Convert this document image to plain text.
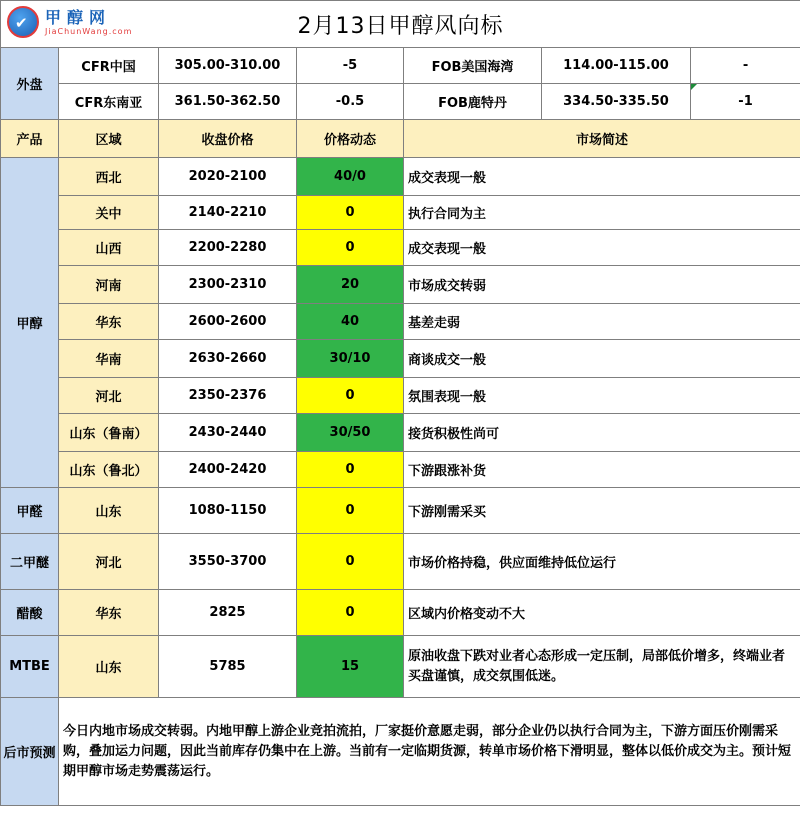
✔ 甲醇网
JiaChunWang.com 2月13日甲醇风向标						
外盘	CFR中国	305.00-310.00	-5	FOB美国海湾	114.00-115.00	-
	CFR东南亚	361.50-362.50	-0.5	FOB鹿特丹	334.50-335.50	-1
产品	区域	收盘价格	价格动态	市场简述		
甲醇	西北	2020-2100	40/0	成交表现一般		
	关中	2140-2210	0	执行合同为主		
	山西	2200-2280	0	成交表现一般		
	河南	2300-2310	20	市场成交转弱		
	华东	2600-2600	40	基差走弱		
	华南	2630-2660	30/10	商谈成交一般		
	河北	2350-2376	0	氛围表现一般		
	山东（鲁南）	2430-2440	30/50	接货积极性尚可		
	山东（鲁北）	2400-2420	0	下游跟涨补货		
甲醛	山东	1080-1150	0	下游刚需采买		
二甲醚	河北	3550-3700	0	市场价格持稳，供应面维持低位运行		
醋酸	华东	2825	0	区域内价格变动不大		
MTBE	山东	5785	15	原油收盘下跌对业者心态形成一定压制，局部低价增多，终端业者买盘谨慎，成交氛围低迷。		
后市预测	今日内地市场成交转弱。内地甲醇上游企业竞拍流拍，厂家挺价意愿走弱，部分企业仍以执行合同为主，下游方面压价刚需采购，叠加运力问题，因此当前库存仍集中在上游。当前有一定临期货源，转单市场价格下滑明显，整体以低价成交为主。预计短期甲醇市场走势震荡运行。					
